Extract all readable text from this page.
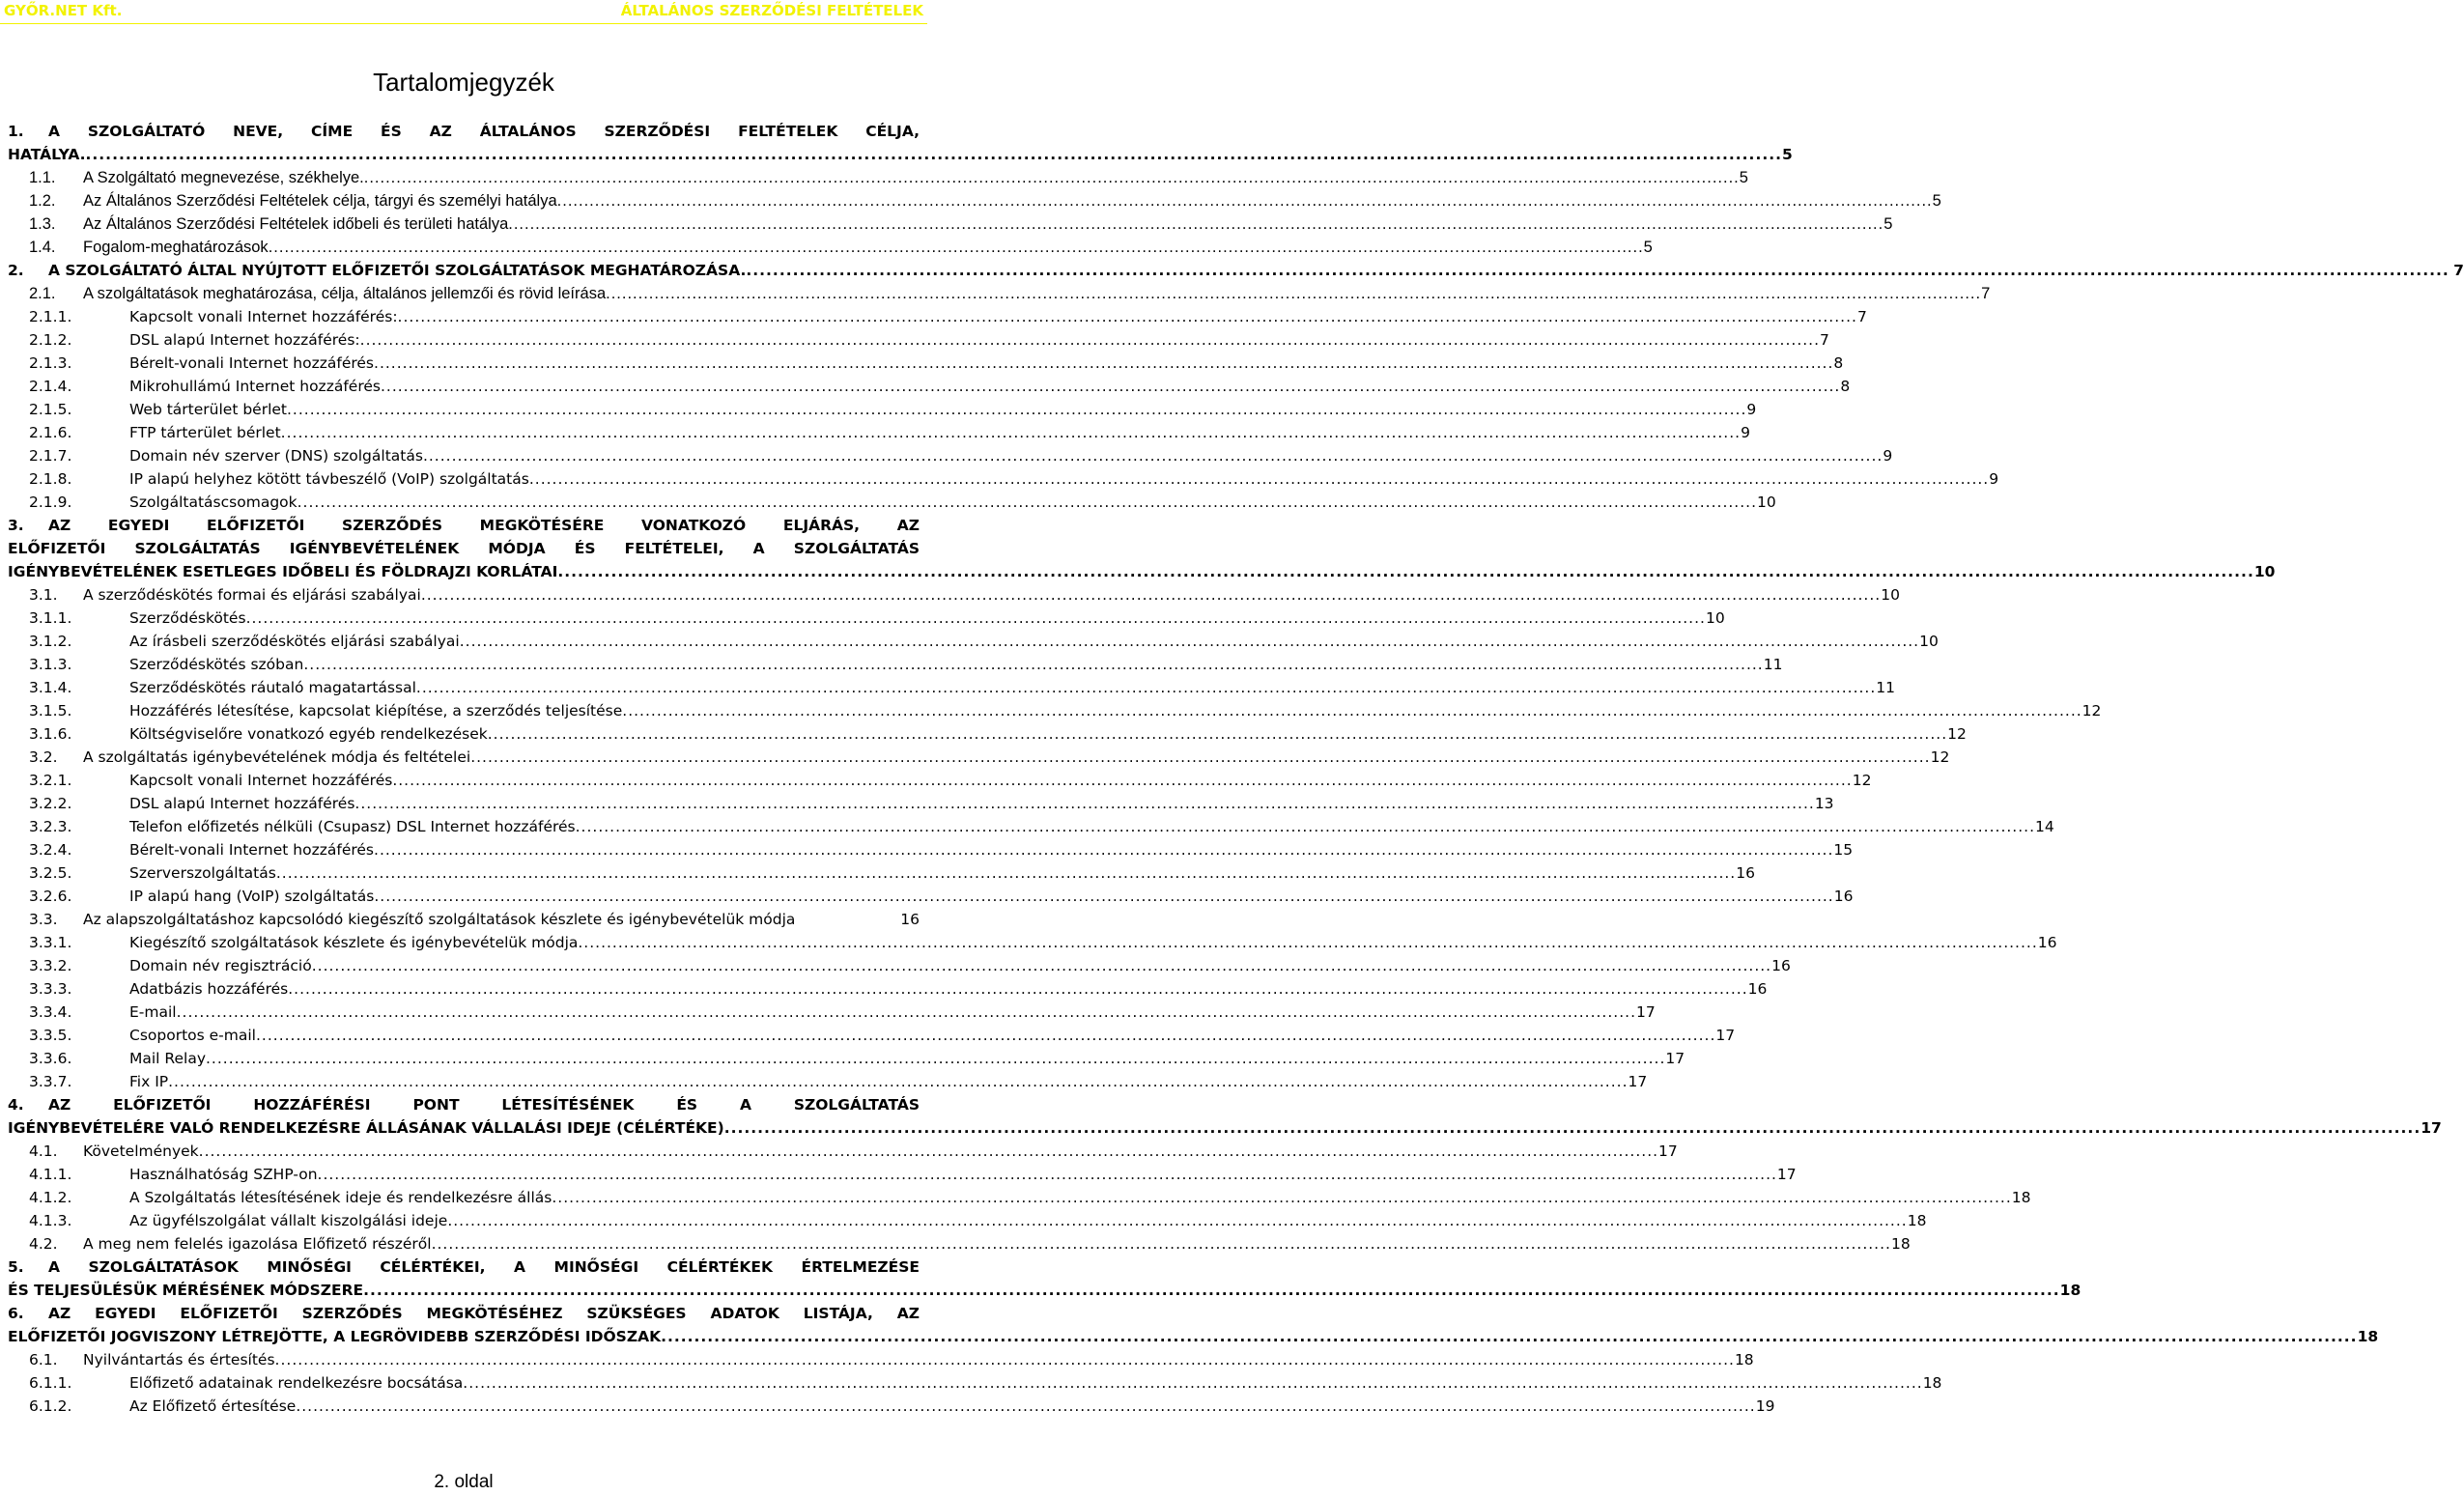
GYŐR.NET Kft.	ÁLTALÁNOS SZERZŐDÉSI FELTÉTELEK
Tartalomjegyzék
1. A SZOLGÁLTATÓ NEVE, CÍME ÉS AZ ÁLTALÁNOS SZERZŐDÉSI FELTÉTELEK CÉLJA,
HATÁLYA. .....	5
1.1.	A Szolgáltató megnevezése, székhelye. .....	5
1.2.	Az Általános Szerződési Feltételek célja, tárgyi és személyi hatálya .....	5
1.3.	Az Általános Szerződési Feltételek időbeli és területi hatálya .....	5
1.4.	Fogalom-meghatározások .....	5
2.	A SZOLGÁLTATÓ ÁLTAL NYÚJTOTT ELŐFIZETŐI SZOLGÁLTATÁSOK MEGHATÁROZÁSA. .....	. 7
2.1.	A szolgáltatások meghatározása, célja, általános jellemzői és rövid leírása .....	7
2.1.1.	Kapcsolt vonali Internet hozzáférés: .....	7
2.1.2.	DSL alapú Internet hozzáférés: .....	7
2.1.3.	Bérelt-vonali Internet hozzáférés .....	8
2.1.4.	Mikrohullámú Internet hozzáférés .....	8
2.1.5.	Web tárterület bérlet .....	9
2.1.6.	FTP tárterület bérlet .....	9
2.1.7.	Domain név szerver (DNS) szolgáltatás .....	9
2.1.8.	IP alapú helyhez kötött távbeszélő (VoIP) szolgáltatás .....	9
2.1.9.	Szolgáltatáscsomagok .....	10
3. AZ EGYEDI ELŐFIZETŐI SZERZŐDÉS MEGKÖTÉSÉRE VONATKOZÓ ELJÁRÁS, AZ
ELŐFIZETŐI SZOLGÁLTATÁS IGÉNYBEVÉTELÉNEK MÓDJA ÉS FELTÉTELEI, A SZOLGÁLTATÁS
IGÉNYBEVÉTELÉNEK ESETLEGES IDŐBELI ÉS FÖLDRAJZI KORLÁTAI .....	10
3.1.	A szerződéskötés formai és eljárási szabályai .....	10
3.1.1.	Szerződéskötés .....	10
3.1.2.	Az írásbeli szerződéskötés eljárási szabályai .....	10
3.1.3.	Szerződéskötés szóban .....	11
3.1.4.	Szerződéskötés ráutaló magatartással .....	11
3.1.5.	Hozzáférés létesítése, kapcsolat kiépítése, a szerződés teljesítése .....	12
3.1.6.	Költségviselőre vonatkozó egyéb rendelkezések .....	12
3.2.	A szolgáltatás igénybevételének módja és feltételei .....	12
3.2.1.	Kapcsolt vonali Internet hozzáférés .....	12
3.2.2.	DSL alapú Internet hozzáférés .....	13
3.2.3.	Telefon előfizetés nélküli (Csupasz) DSL Internet hozzáférés .....	14
3.2.4.	Bérelt-vonali Internet hozzáférés .....	15
3.2.5.	Szerverszolgáltatás .....	16
3.2.6.	IP alapú hang (VoIP) szolgáltatás .....	16
3.3.	Az alapszolgáltatáshoz kapcsolódó kiegészítő szolgáltatások készlete és igénybevételük módja	16
3.3.1.	Kiegészítő szolgáltatások készlete és igénybevételük módja .....	16
3.3.2.	Domain név regisztráció .....	16
3.3.3.	Adatbázis hozzáférés .....	16
3.3.4.	E-mail .....	17
3.3.5.	Csoportos e-mail .....	17
3.3.6.	Mail Relay .....	17
3.3.7.	Fix IP .....	17
4. AZ ELŐFIZETŐI HOZZÁFÉRÉSI PONT LÉTESÍTÉSÉNEK ÉS A SZOLGÁLTATÁS
IGÉNYBEVÉTELÉRE VALÓ RENDELKEZÉSRE ÁLLÁSÁNAK VÁLLALÁSI IDEJE (CÉLÉRTÉKE) .....	17
4.1.	Követelmények .....	17
4.1.1.	Használhatóság SZHP-on .....	17
4.1.2.	A Szolgáltatás létesítésének ideje és rendelkezésre állás .....	18
4.1.3.	Az ügyfélszolgálat vállalt kiszolgálási ideje .....	18
4.2.	A meg nem felelés igazolása Előfizető részéről .....	18
5. A SZOLGÁLTATÁSOK MINŐSÉGI CÉLÉRTÉKEI, A MINŐSÉGI CÉLÉRTÉKEK ÉRTELMEZÉSE
ÉS TELJESÜLÉSÜK MÉRÉSÉNEK MÓDSZERE .....	18
6. AZ EGYEDI ELŐFIZETŐI SZERZŐDÉS MEGKÖTÉSÉHEZ SZÜKSÉGES ADATOK LISTÁJA, AZ
ELŐFIZETŐI JOGVISZONY LÉTREJÖTTE, A LEGRÖVIDEBB SZERZŐDÉSI IDŐSZAK .....	18
6.1.	Nyilvántartás és értesítés .....	18
6.1.1.	Előfizető adatainak rendelkezésre bocsátása .....	18
6.1.2.	Az Előfizető értesítése .....	19
2. oldal
